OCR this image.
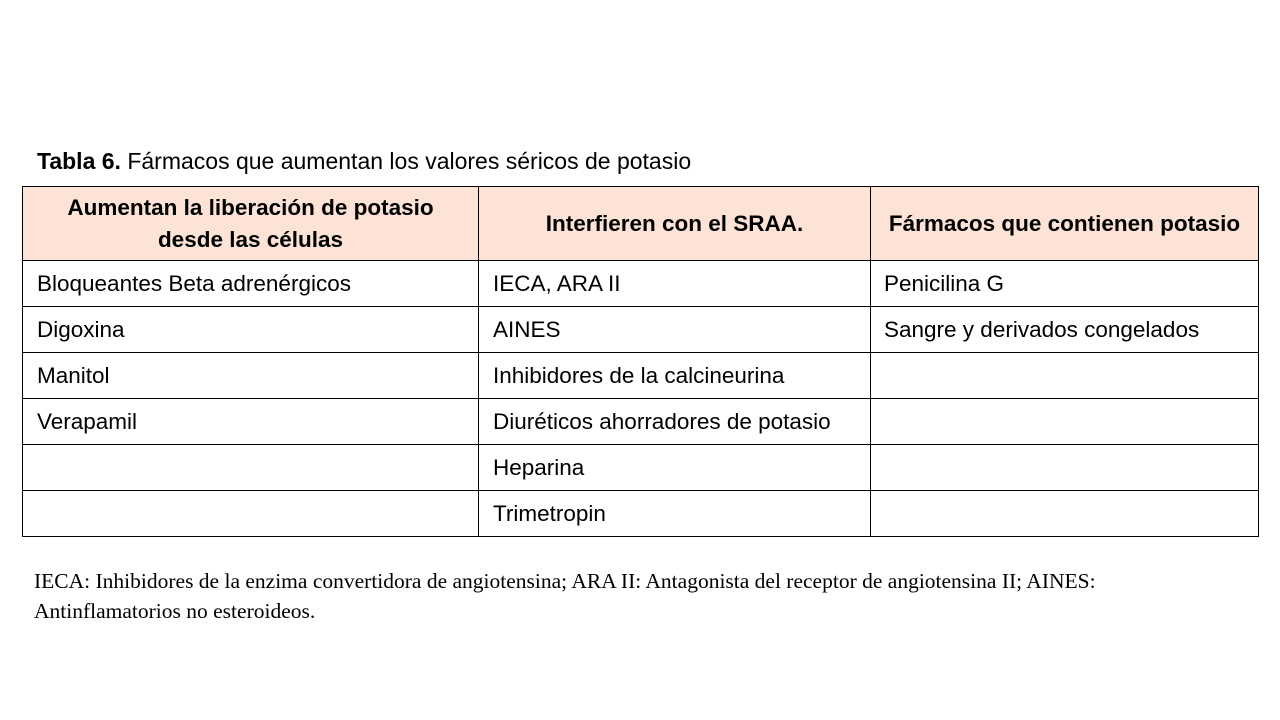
Tabla 6. Fármacos que aumentan los valores séricos de potasio
Aumentan la liberación de potasio desde las células	Interfieren con el SRAA.	Fármacos que contienen potasio
Bloqueantes Beta adrenérgicos	IECA, ARA II	Penicilina G
Digoxina	AINES	Sangre y derivados congelados
Manitol	Inhibidores de la calcineurina	
Verapamil	Diuréticos ahorradores de potasio	
	Heparina	
	Trimetropin	
IECA: Inhibidores de la enzima convertidora de angiotensina; ARA II: Antagonista del receptor de angiotensina II; AINES: Antinflamatorios no esteroideos.
